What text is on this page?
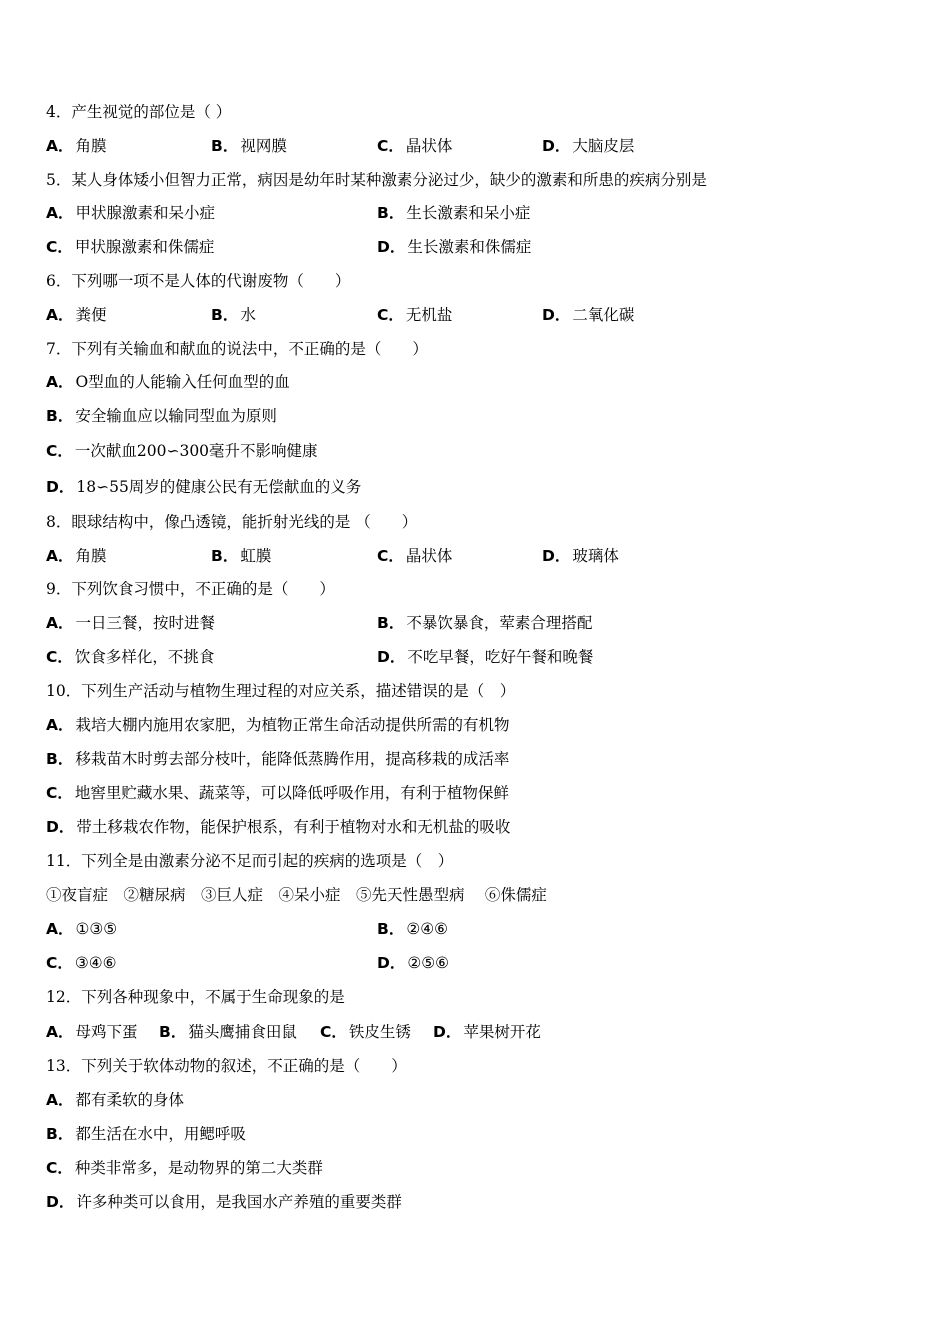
4．产生视觉的部位是（ ）
A． 角膜	B． 视网膜	C． 晶状体	D． 大脑皮层
5．某人身体矮小但智力正常，病因是幼年时某种激素分泌过少，缺少的激素和所患的疾病分别是
A． 甲状腺激素和呆小症	B． 生长激素和呆小症
C． 甲状腺激素和侏儒症	D． 生长激素和侏儒症
6．下列哪一项不是人体的代谢废物（　　）
A． 粪便	B． 水	C． 无机盐	D． 二氧化碳
7．下列有关输血和献血的说法中，不正确的是（　　）
A． O型血的人能输入任何血型的血
B． 安全输血应以输同型血为原则
C． 一次献血200∽300毫升不影响健康
D． 18∽55周岁的健康公民有无偿献血的义务
8．眼球结构中，像凸透镜，能折射光线的是 （　　）
A． 角膜	B． 虹膜	C． 晶状体	D． 玻璃体
9．下列饮食习惯中，不正确的是（　　）
A． 一日三餐，按时进餐	B． 不暴饮暴食，荤素合理搭配
C． 饮食多样化，不挑食	D． 不吃早餐，吃好午餐和晚餐
10．下列生产活动与植物生理过程的对应关系，描述错误的是（　）
A． 栽培大棚内施用农家肥，为植物正常生命活动提供所需的有机物
B． 移栽苗木时剪去部分枝叶，能降低蒸腾作用，提高移栽的成活率
C． 地窖里贮藏水果、蔬菜等，可以降低呼吸作用，有利于植物保鲜
D． 带土移栽农作物，能保护根系，有利于植物对水和无机盐的吸收
11．下列全是由激素分泌不足而引起的疾病的选项是（　）
①夜盲症　②糖尿病　③巨人症　④呆小症　⑤先天性愚型病　 ⑥侏儒症
A． ①③⑤	B． ②④⑥
C． ③④⑥	D． ②⑤⑥
12．下列各种现象中，不属于生命现象的是
A． 母鸡下蛋 B． 猫头鹰捕食田鼠 C． 铁皮生锈 D． 苹果树开花
13．下列关于软体动物的叙述，不正确的是（　　）
A． 都有柔软的身体
B． 都生活在水中，用鳃呼吸
C． 种类非常多，是动物界的第二大类群
D． 许多种类可以食用，是我国水产养殖的重要类群
